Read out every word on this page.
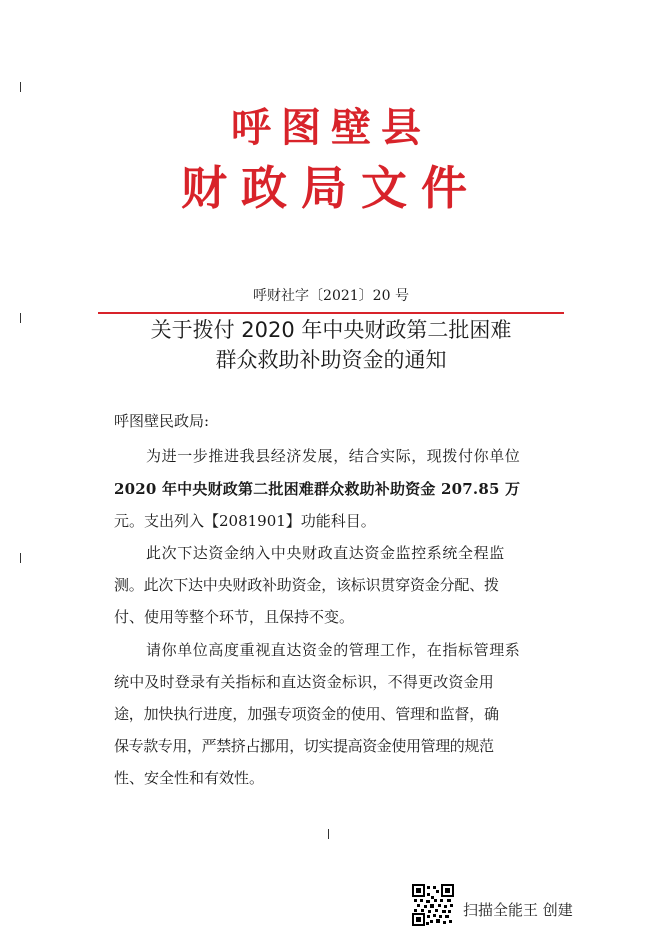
呼图壁县
财政局文件
呼财社字〔2021〕20 号
关于拨付 2020 年中央财政第二批困难
群众救助补助资金的通知
呼图壁民政局:
为进一步推进我县经济发展，结合实际，现拨付你单位
2020 年中央财政第二批困难群众救助补助资金 207.85 万
元。支出列入【2081901】功能科目。
此次下达资金纳入中央财政直达资金监控系统全程监
测。此次下达中央财政补助资金，该标识贯穿资金分配、拨
付、使用等整个环节，且保持不变。
请你单位高度重视直达资金的管理工作，在指标管理系
统中及时登录有关指标和直达资金标识，不得更改资金用
途，加快执行进度，加强专项资金的使用、管理和监督，确
保专款专用，严禁挤占挪用，切实提高资金使用管理的规范
性、安全性和有效性。
扫描全能王 创建
